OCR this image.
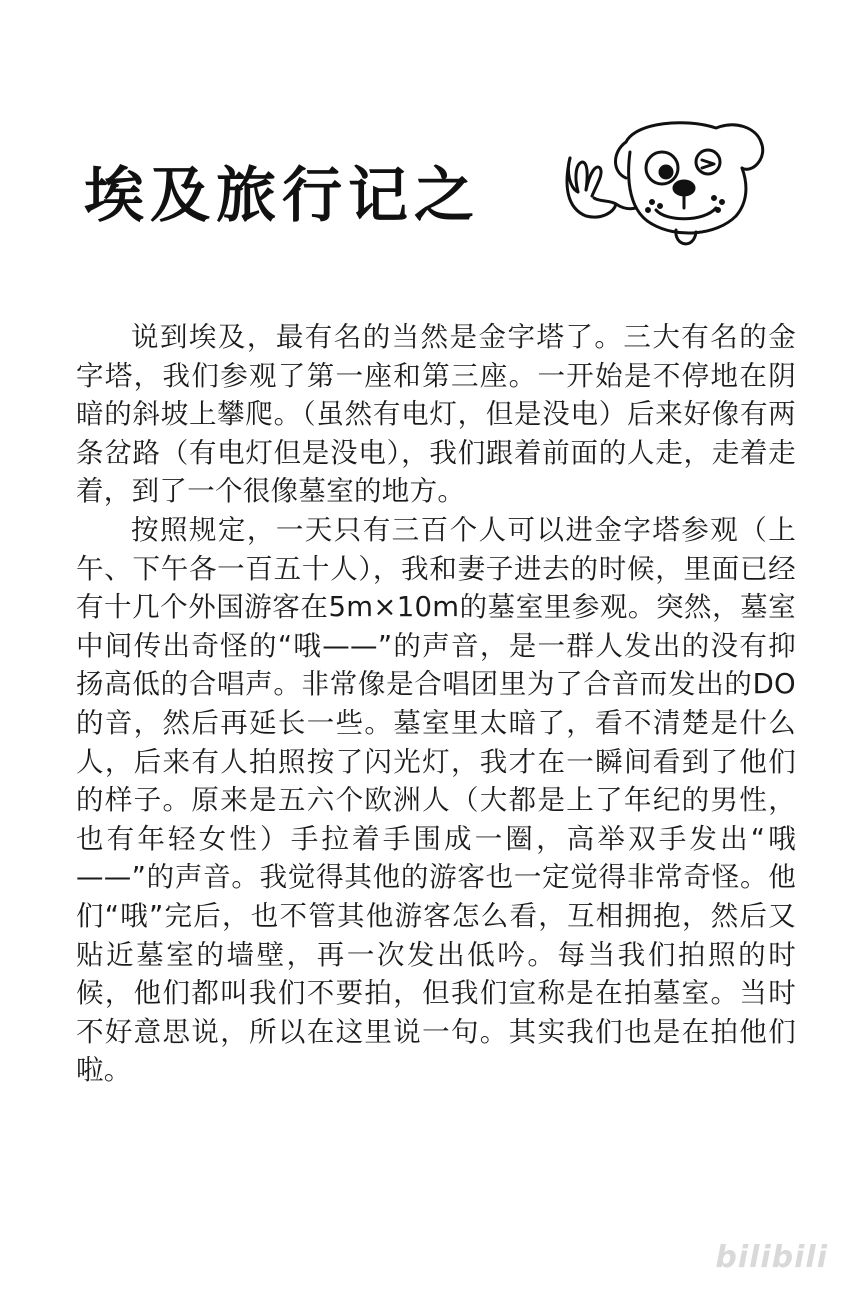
埃及旅行记之

说到埃及，最有名的当然是金字塔了。三大有名的金字塔，我们参观了第一座和第三座。一开始是不停地在阴暗的斜坡上攀爬。（虽然有电灯，但是没电）后来好像有两条岔路（有电灯但是没电），我们跟着前面的人走，走着走着，到了一个很像墓室的地方。

按照规定，一天只有三百个人可以进金字塔参观（上午、下午各一百五十人），我和妻子进去的时候，里面已经有十几个外国游客在5m×10m的墓室里参观。突然，墓室中间传出奇怪的“哦——”的声音，是一群人发出的没有抑扬高低的合唱声。非常像是合唱团里为了合音而发出的DO的音，然后再延长一些。墓室里太暗了，看不清楚是什么人，后来有人拍照按了闪光灯，我才在一瞬间看到了他们的样子。原来是五六个欧洲人（大都是上了年纪的男性，也有年轻女性）手拉着手围成一圈，高举双手发出“哦——”的声音。我觉得其他的游客也一定觉得非常奇怪。他们“哦”完后，也不管其他游客怎么看，互相拥抱，然后又贴近墓室的墙壁，再一次发出低吟。每当我们拍照的时候，他们都叫我们不要拍，但我们宣称是在拍墓室。当时不好意思说，所以在这里说一句。其实我们也是在拍他们啦。

bilibili
